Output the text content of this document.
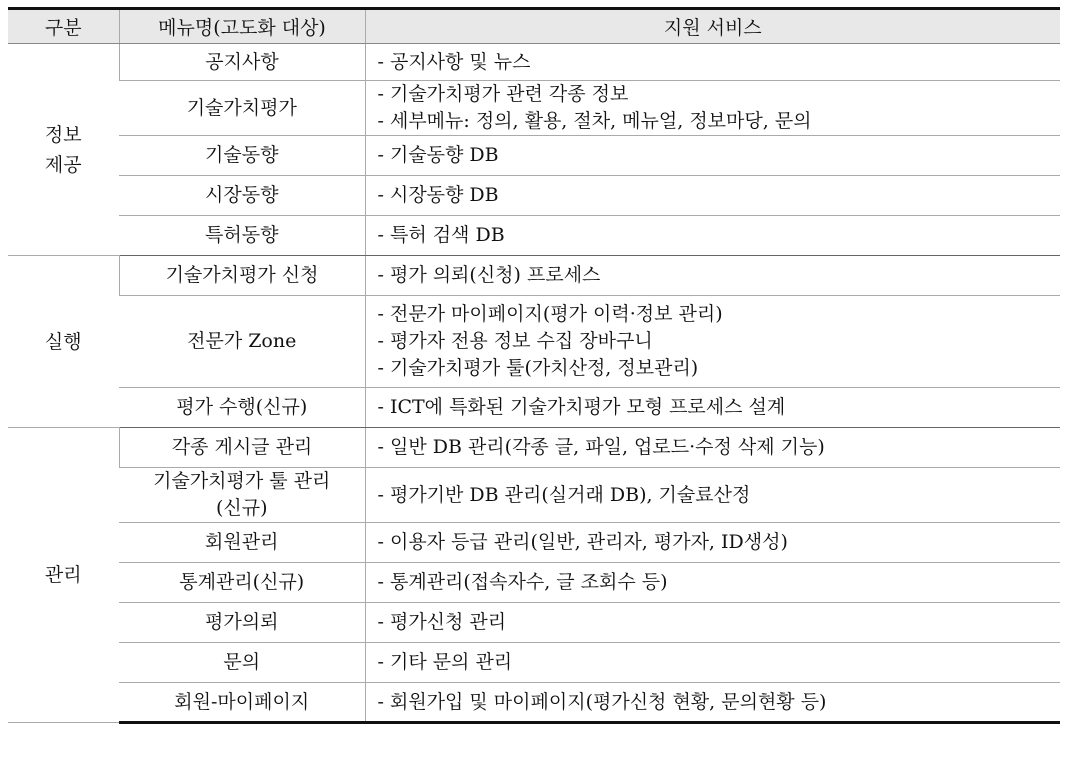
구분	메뉴명(고도화 대상)	지원 서비스

정보
제공	공지사항	- 공지사항 및 뉴스

	기술가치평가	- 기술가치평가 관련 각종 정보
- 세부메뉴: 정의, 활용, 절차, 메뉴얼, 정보마당, 문의

	기술동향	- 기술동향 DB

	시장동향	- 시장동향 DB

	특허동향	- 특허 검색 DB

실행	기술가치평가 신청	- 평가 의뢰(신청) 프로세스

	전문가 Zone	- 전문가 마이페이지(평가 이력·정보 관리)
- 평가자 전용 정보 수집 장바구니
- 기술가치평가 툴(가치산정, 정보관리)

	평가 수행(신규)	- ICT에 특화된 기술가치평가 모형 프로세스 설계

관리	각종 게시글 관리	- 일반 DB 관리(각종 글, 파일, 업로드·수정 삭제 기능)

	기술가치평가 툴 관리
(신규)	- 평가기반 DB 관리(실거래 DB), 기술료산정

	회원관리	- 이용자 등급 관리(일반, 관리자, 평가자, ID생성)

	통계관리(신규)	- 통계관리(접속자수, 글 조회수 등)

	평가의뢰	- 평가신청 관리

	문의	- 기타 문의 관리

	회원-마이페이지	- 회원가입 및 마이페이지(평가신청 현황, 문의현황 등)
